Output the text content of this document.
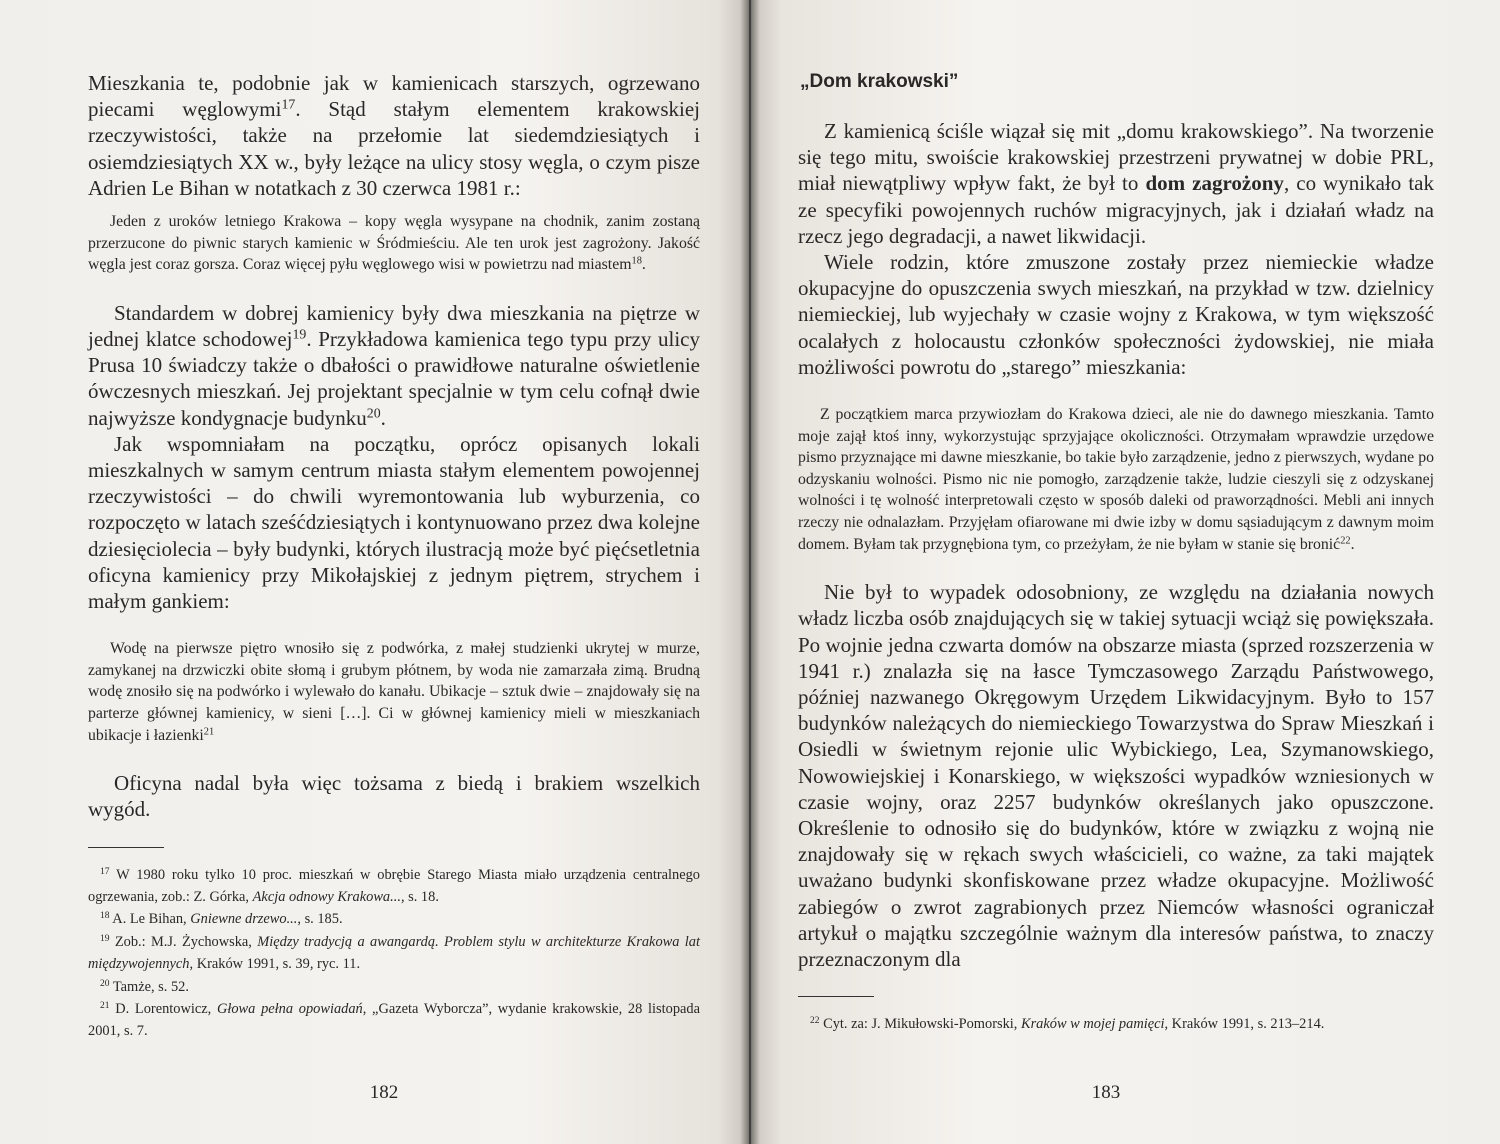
Mieszkania te, podobnie jak w kamienicach starszych, ogrzewano piecami węglowymi$^{17}$. Stąd stałym elementem krakowskiej rzeczywistości, także na przełomie lat siedemdziesiątych i osiemdziesiątych XX w., były leżące na ulicy stosy węgla, o czym pisze Adrien Le Bihan w notatkach z 30 czerwca 1981 r.:

Jeden z uroków letniego Krakowa – kopy węgla wysypane na chodnik, zanim zostaną przerzucone do piwnic starych kamienic w Śródmieściu. Ale ten urok jest zagrożony. Jakość węgla jest coraz gorsza. Coraz więcej pyłu węglowego wisi w powietrzu nad miastem$^{18}$.

Standardem w dobrej kamienicy były dwa mieszkania na piętrze w jednej klatce schodowej$^{19}$. Przykładowa kamienica tego typu przy ulicy Prusa 10 świadczy także o dbałości o prawidłowe naturalne oświetlenie ówczesnych mieszkań. Jej projektant specjalnie w tym celu cofnął dwie najwyższe kondygnacje budynku$^{20}$.

Jak wspomniałam na początku, oprócz opisanych lokali mieszkalnych w samym centrum miasta stałym elementem powojennej rzeczywistości – do chwili wyremontowania lub wyburzenia, co rozpoczęto w latach sześćdziesiątych i kontynuowano przez dwa kolejne dziesięciolecia – były budynki, których ilustracją może być pięćsetletnia oficyna kamienicy przy Mikołajskiej z jednym piętrem, strychem i małym gankiem:

Wodę na pierwsze piętro wnosiło się z podwórka, z małej studzienki ukrytej w murze, zamykanej na drzwiczki obite słomą i grubym płótnem, by woda nie zamarzała zimą. Brudną wodę znosiło się na podwórko i wylewało do kanału. Ubikacje – sztuk dwie – znajdowały się na parterze głównej kamienicy, w sieni […]. Ci w głównej kamienicy mieli w mieszkaniach ubikacje i łazienki$^{21}$

Oficyna nadal była więc tożsama z biedą i brakiem wszelkich wygód.

$^{17}$ W 1980 roku tylko 10 proc. mieszkań w obrębie Starego Miasta miało urządzenia centralnego ogrzewania, zob.: Z. Górka, Akcja odnowy Krakowa..., s. 18.

$^{18}$ A. Le Bihan, Gniewne drzewo..., s. 185.

$^{19}$ Zob.: M.J. Żychowska, Między tradycją a awangardą. Problem stylu w architekturze Krakowa lat międzywojennych, Kraków 1991, s. 39, ryc. 11.

$^{20}$ Tamże, s. 52.

$^{21}$ D. Lorentowicz, Głowa pełna opowiadań, „Gazeta Wyborcza”, wydanie krakowskie, 28 listopada 2001, s. 7.

182
„Dom krakowski”

Z kamienicą ściśle wiązał się mit „domu krakowskiego”. Na tworzenie się tego mitu, swoiście krakowskiej przestrzeni prywatnej w dobie PRL, miał niewątpliwy wpływ fakt, że był to dom zagrożony, co wynikało tak ze specyfiki powojennych ruchów migracyjnych, jak i działań władz na rzecz jego degradacji, a nawet likwidacji.

Wiele rodzin, które zmuszone zostały przez niemieckie władze okupacyjne do opuszczenia swych mieszkań, na przykład w tzw. dzielnicy niemieckiej, lub wyjechały w czasie wojny z Krakowa, w tym większość ocalałych z holocaustu członków społeczności żydowskiej, nie miała możliwości powrotu do „starego” mieszkania:

Z początkiem marca przywiozłam do Krakowa dzieci, ale nie do dawnego mieszkania. Tamto moje zajął ktoś inny, wykorzystując sprzyjające okoliczności. Otrzymałam wprawdzie urzędowe pismo przyznające mi dawne mieszkanie, bo takie było zarządzenie, jedno z pierwszych, wydane po odzyskaniu wolności. Pismo nic nie pomogło, zarządzenie także, ludzie cieszyli się z odzyskanej wolności i tę wolność interpretowali często w sposób daleki od praworządności. Mebli ani innych rzeczy nie odnalazłam. Przyjęłam ofiarowane mi dwie izby w domu sąsiadującym z dawnym moim domem. Byłam tak przygnębiona tym, co przeżyłam, że nie byłam w stanie się bronić$^{22}$.

Nie był to wypadek odosobniony, ze względu na działania nowych władz liczba osób znajdujących się w takiej sytuacji wciąż się powiększała. Po wojnie jedna czwarta domów na obszarze miasta (sprzed rozszerzenia w 1941 r.) znalazła się na łasce Tymczasowego Zarządu Państwowego, później nazwanego Okręgowym Urzędem Likwidacyjnym. Było to 157 budynków należących do niemieckiego Towarzystwa do Spraw Mieszkań i Osiedli w świetnym rejonie ulic Wybickiego, Lea, Szymanowskiego, Nowowiejskiej i Konarskiego, w większości wypadków wzniesionych w czasie wojny, oraz 2257 budynków określanych jako opuszczone. Określenie to odnosiło się do budynków, które w związku z wojną nie znajdowały się w rękach swych właścicieli, co ważne, za taki majątek uważano budynki skonfiskowane przez władze okupacyjne. Możliwość zabiegów o zwrot zagrabionych przez Niemców własności ograniczał artykuł o majątku szczególnie ważnym dla interesów państwa, to znaczy przeznaczonym dla

$^{22}$ Cyt. za: J. Mikułowski-Pomorski, Kraków w mojej pamięci, Kraków 1991, s. 213–214.

183
